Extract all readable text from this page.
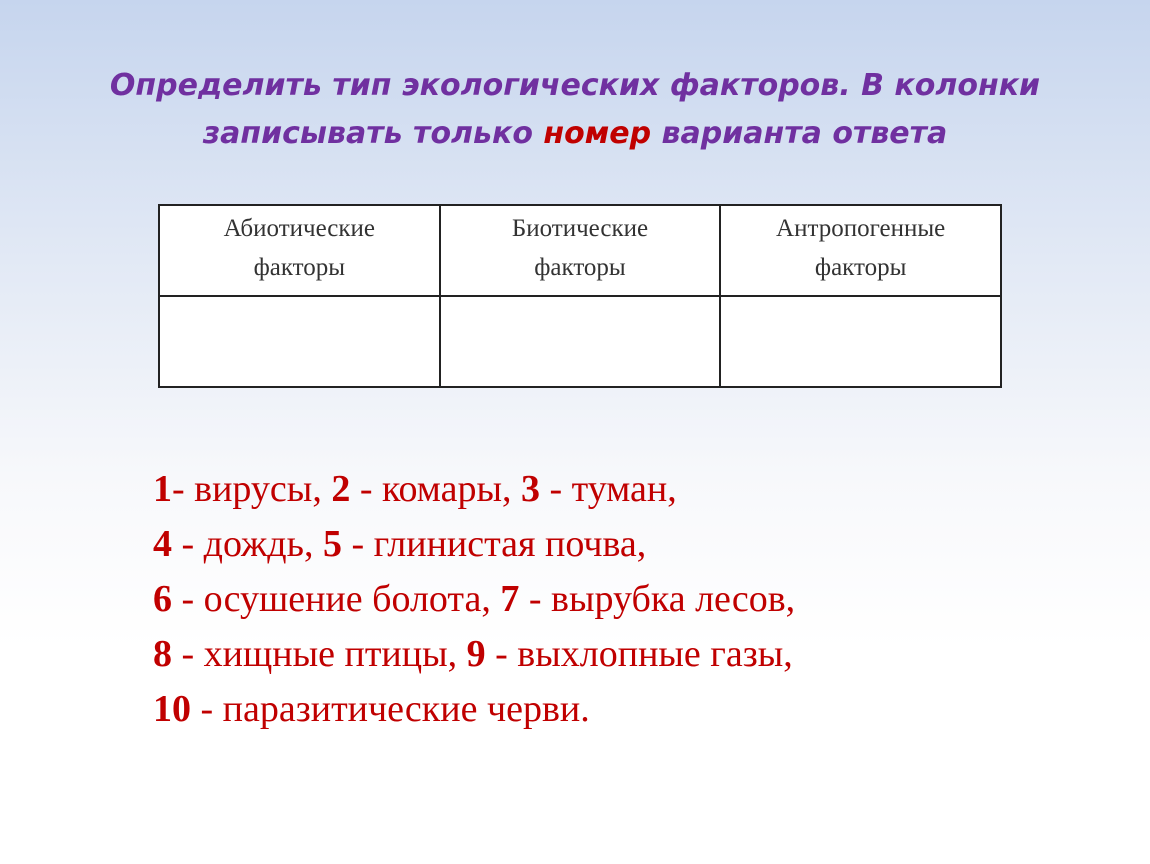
Определить тип экологических факторов. В колонки
записывать только номер варианта ответа
Абиотические
факторы	Биотические
факторы	Антропогенные
факторы

1- вирусы, 2 - комары, 3 - туман,
4 - дождь, 5 - глинистая почва,
6 - осушение болота, 7 - вырубка лесов,
8 - хищные птицы, 9 - выхлопные газы,
10 - паразитические черви.
